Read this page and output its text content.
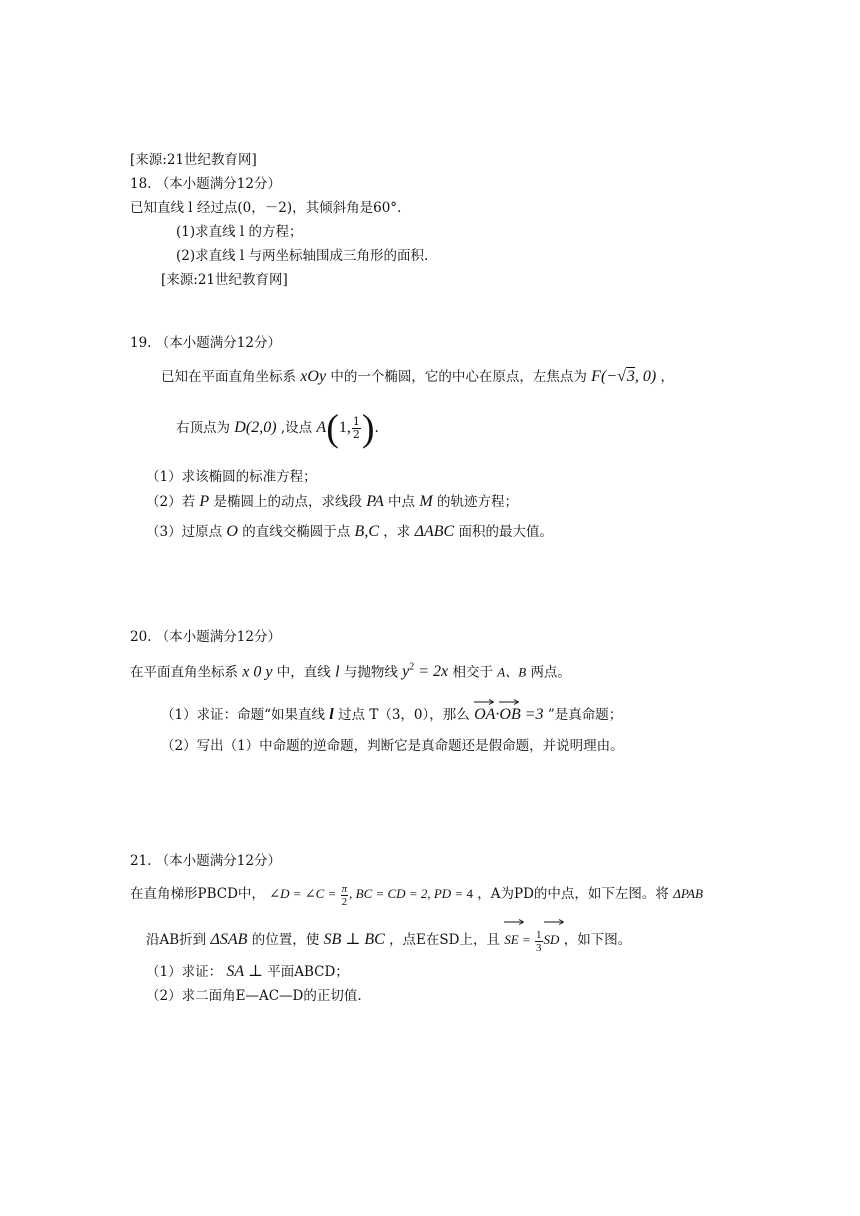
[来源:21世纪教育网]
18. （本小题满分12分）
已知直线 l 经过点(0，－2)，其倾斜角是60°.
(1)求直线 l 的方程；
(2)求直线 l 与两坐标轴围成三角形的面积.
[来源:21世纪教育网]
19. （本小题满分12分）
已知在平面直角坐标系 xOy 中的一个椭圆，它的中心在原点，左焦点为 F(−√3, 0) ，
右顶点为 D(2,0) ,设点 A(1, $\frac{1}{2}$ ).
（1）求该椭圆的标准方程；
（2）若 P 是椭圆上的动点，求线段 PA 中点 M 的轨迹方程；
（3）过原点 O 的直线交椭圆于点 B,C ，求 ΔABC 面积的最大值。
20. （本小题满分12分）
在平面直角坐标系 x 0 y 中，直线 l 与抛物线 $y^2 = 2x$ 相交于 A、B 两点。
（1）求证：命题“如果直线 l 过点 T（3，0），那么 OA
·OB
=3 ”是真命题；
（2）写出（1）中命题的逆命题，判断它是真命题还是假命题，并说明理由。
21. （本小题满分12分）
在直角梯形PBCD中， ∠D = ∠C = $\frac{\pi}{2}$ , BC = CD = 2, PD = 4 ，A为PD的中点，如下左图。将 ΔPAB
沿AB折到 ΔSAB 的位置，使 SB ⊥ BC ，点E在SD上，且 SE
= $\frac{1}{3}$ SD ，如下图。
（1）求证： SA ⊥ 平面ABCD；
（2）求二面角E—AC—D的正切值.
